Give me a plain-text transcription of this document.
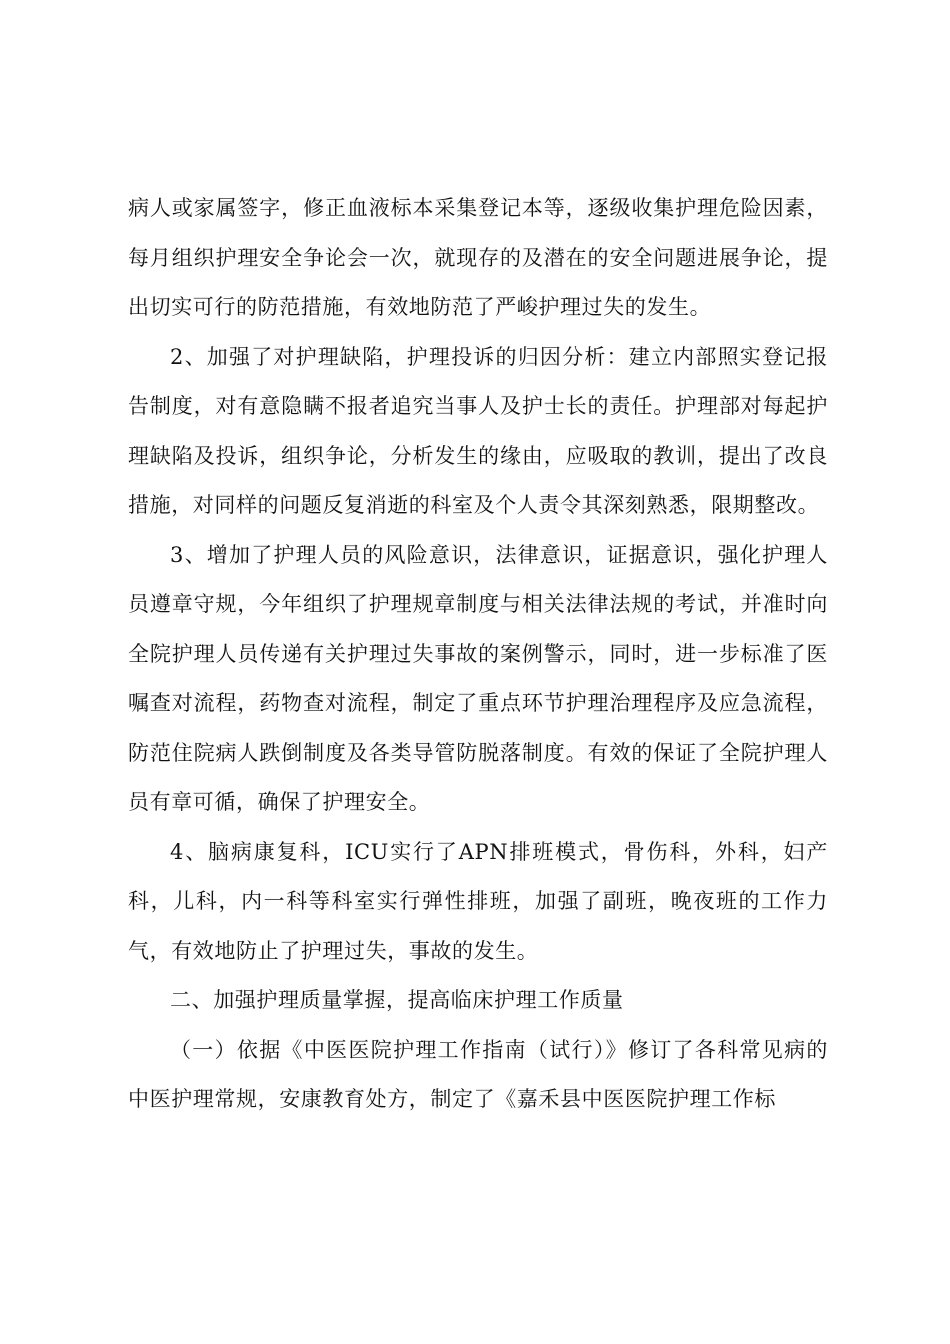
病人或家属签字，修正血液标本采集登记本等，逐级收集护理危险因素，每月组织护理安全争论会一次，就现存的及潜在的安全问题进展争论，提出切实可行的防范措施，有效地防范了严峻护理过失的发生。

2、加强了对护理缺陷，护理投诉的归因分析：建立内部照实登记报告制度，对有意隐瞒不报者追究当事人及护士长的责任。护理部对每起护理缺陷及投诉，组织争论，分析发生的缘由，应吸取的教训，提出了改良措施，对同样的问题反复消逝的科室及个人责令其深刻熟悉，限期整改。

3、增加了护理人员的风险意识，法律意识，证据意识，强化护理人员遵章守规，今年组织了护理规章制度与相关法律法规的考试，并准时向全院护理人员传递有关护理过失事故的案例警示，同时，进一步标准了医嘱查对流程，药物查对流程，制定了重点环节护理治理程序及应急流程，防范住院病人跌倒制度及各类导管防脱落制度。有效的保证了全院护理人员有章可循，确保了护理安全。

4、脑病康复科，ICU实行了APN排班模式，骨伤科，外科，妇产科，儿科，内一科等科室实行弹性排班，加强了副班，晚夜班的工作力气，有效地防止了护理过失，事故的发生。

二、加强护理质量掌握，提高临床护理工作质量

（一）依据《中医医院护理工作指南（试行）》修订了各科常见病的中医护理常规，安康教育处方，制定了《嘉禾县中医医院护理工作标
